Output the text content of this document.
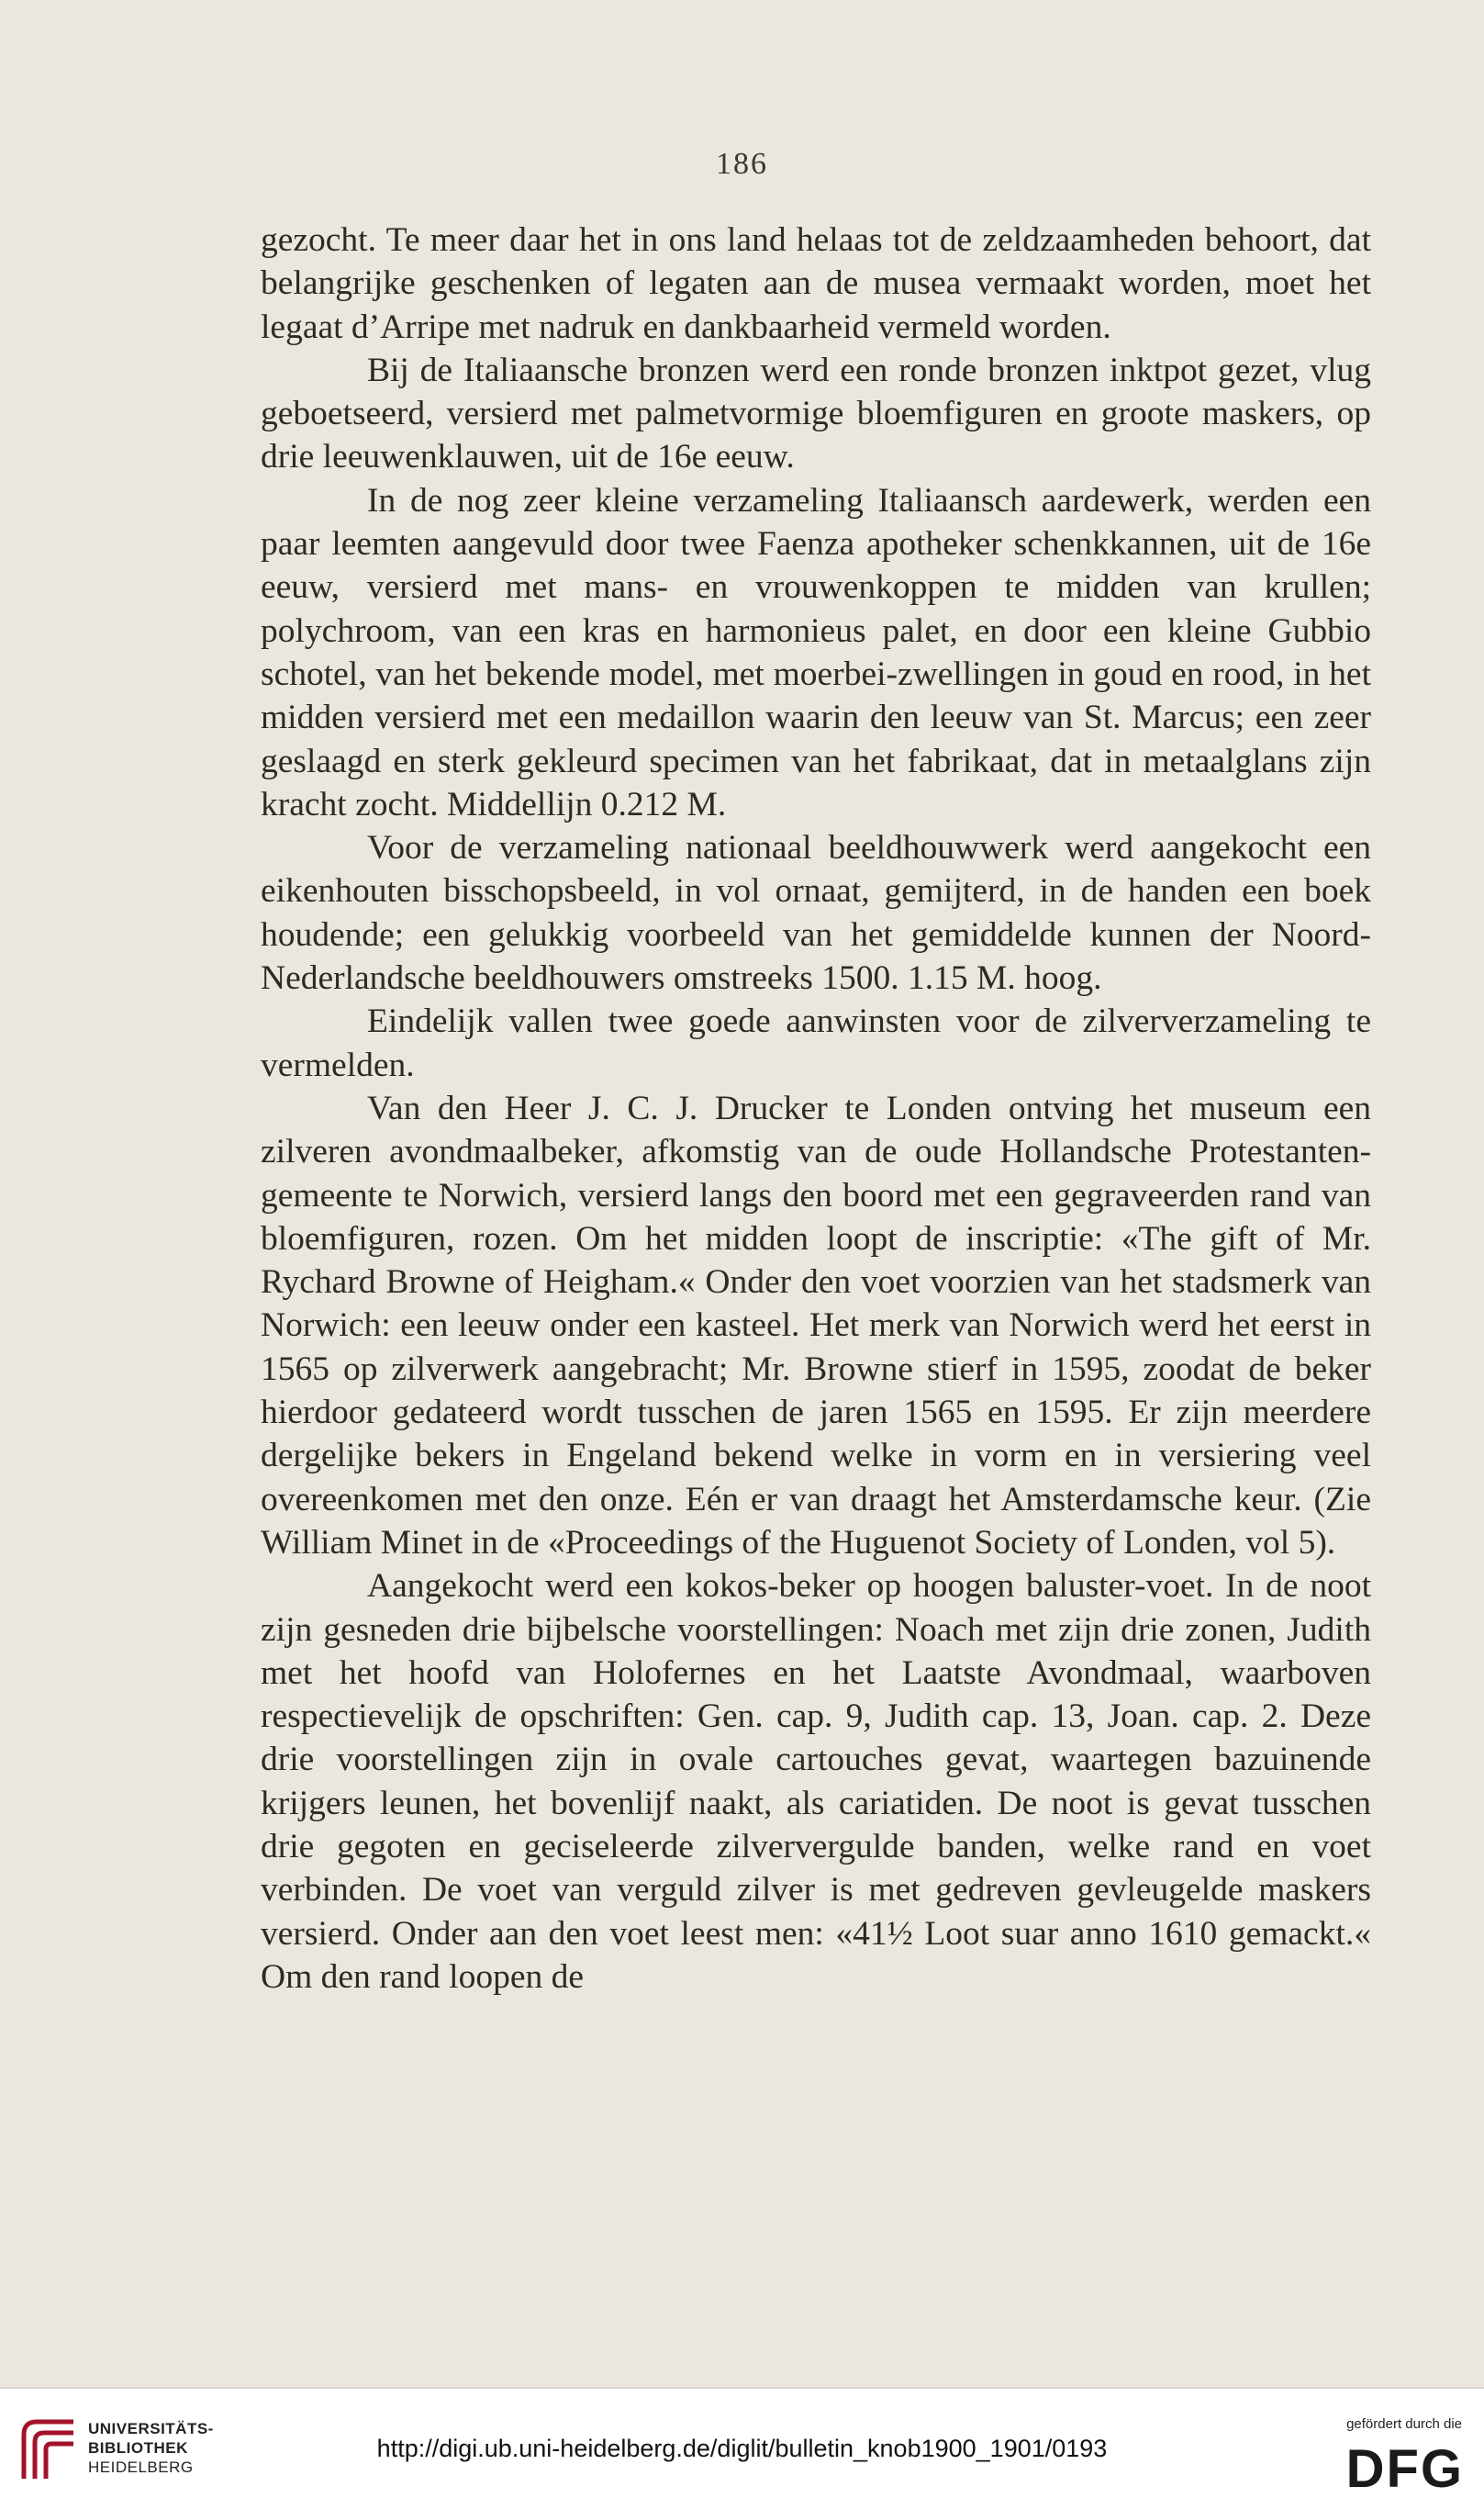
186

gezocht. Te meer daar het in ons land helaas tot de zeldzaamheden behoort, dat belangrijke geschenken of legaten aan de musea vermaakt worden, moet het legaat d’Arripe met nadruk en dankbaarheid vermeld worden.

Bij de Italiaansche bronzen werd een ronde bronzen inktpot gezet, vlug geboetseerd, versierd met palmetvormige bloemfiguren en groote maskers, op drie leeuwenklauwen, uit de 16e eeuw.

In de nog zeer kleine verzameling Italiaansch aardewerk, werden een paar leemten aangevuld door twee Faenza apotheker schenkkannen, uit de 16e eeuw, versierd met mans- en vrouwenkoppen te midden van krullen; polychroom, van een kras en harmonieus palet, en door een kleine Gubbio schotel, van het bekende model, met moerbei-zwellingen in goud en rood, in het midden versierd met een medaillon waarin den leeuw van St. Marcus; een zeer geslaagd en sterk gekleurd specimen van het fabrikaat, dat in metaalglans zijn kracht zocht. Middellijn 0.212 M.

Voor de verzameling nationaal beeldhouwwerk werd aangekocht een eikenhouten bisschopsbeeld, in vol ornaat, gemijterd, in de handen een boek houdende; een gelukkig voorbeeld van het gemiddelde kunnen der Noord-Nederlandsche beeldhouwers omstreeks 1500. 1.15 M. hoog.

Eindelijk vallen twee goede aanwinsten voor de zilververzameling te vermelden.

Van den Heer J. C. J. Drucker te Londen ontving het museum een zilveren avondmaalbeker, afkomstig van de oude Hollandsche Protestanten-gemeente te Norwich, versierd langs den boord met een gegraveerden rand van bloemfiguren, rozen. Om het midden loopt de inscriptie: «The gift of Mr. Rychard Browne of Heigham.« Onder den voet voorzien van het stadsmerk van Norwich: een leeuw onder een kasteel. Het merk van Norwich werd het eerst in 1565 op zilverwerk aangebracht; Mr. Browne stierf in 1595, zoodat de beker hierdoor gedateerd wordt tusschen de jaren 1565 en 1595. Er zijn meerdere dergelijke bekers in Engeland bekend welke in vorm en in versiering veel overeenkomen met den onze. Eén er van draagt het Amsterdamsche keur. (Zie William Minet in de «Proceedings of the Huguenot Society of Londen, vol 5).

Aangekocht werd een kokos-beker op hoogen baluster-voet. In de noot zijn gesneden drie bijbelsche voorstellingen: Noach met zijn drie zonen, Judith met het hoofd van Holofernes en het Laatste Avondmaal, waarboven respectievelijk de opschriften: Gen. cap. 9, Judith cap. 13, Joan. cap. 2. Deze drie voorstellingen zijn in ovale cartouches gevat, waartegen bazuinende krijgers leunen, het bovenlijf naakt, als cariatiden. De noot is gevat tusschen drie gegoten en geciseleerde zilververgulde banden, welke rand en voet verbinden. De voet van verguld zilver is met gedreven gevleugelde maskers versierd. Onder aan den voet leest men: «41½ Loot suar anno 1610 gemackt.« Om den rand loopen de

UNIVERSITÄTS-
BIBLIOTHEK
HEIDELBERG
http://digi.ub.uni-heidelberg.de/diglit/bulletin_knob1900_1901/0193
gefördert durch die
DFG
